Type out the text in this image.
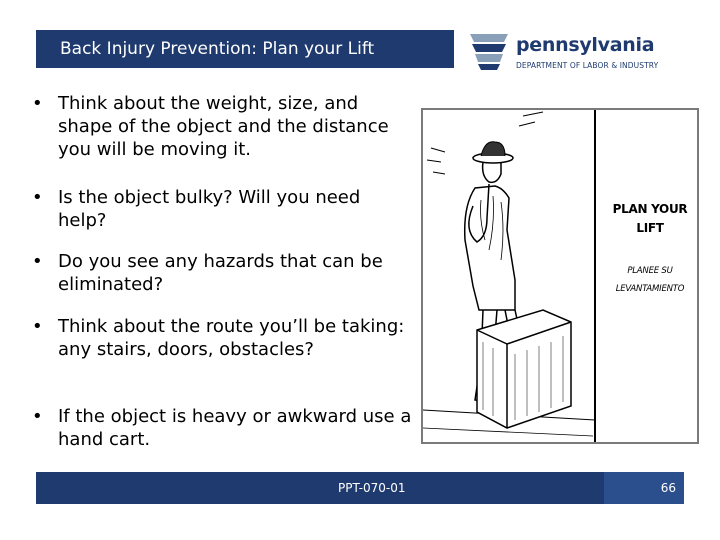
Back Injury Prevention: Plan your Lift	pennsylvania
DEPARTMENT OF LABOR & INDUSTRY
• Think about the weight, size, and shape of the object and the distance you will be moving it.
• Is the object bulky? Will you need help?
• Do you see any hazards that can be eliminated?
• Think about the route you’ll be taking: any stairs, doors, obstacles?
• If the object is heavy or awkward use a hand cart.
PLAN YOUR
LIFT
PLANEE SU
LEVANTAMIENTO
PPT-070-01	66
